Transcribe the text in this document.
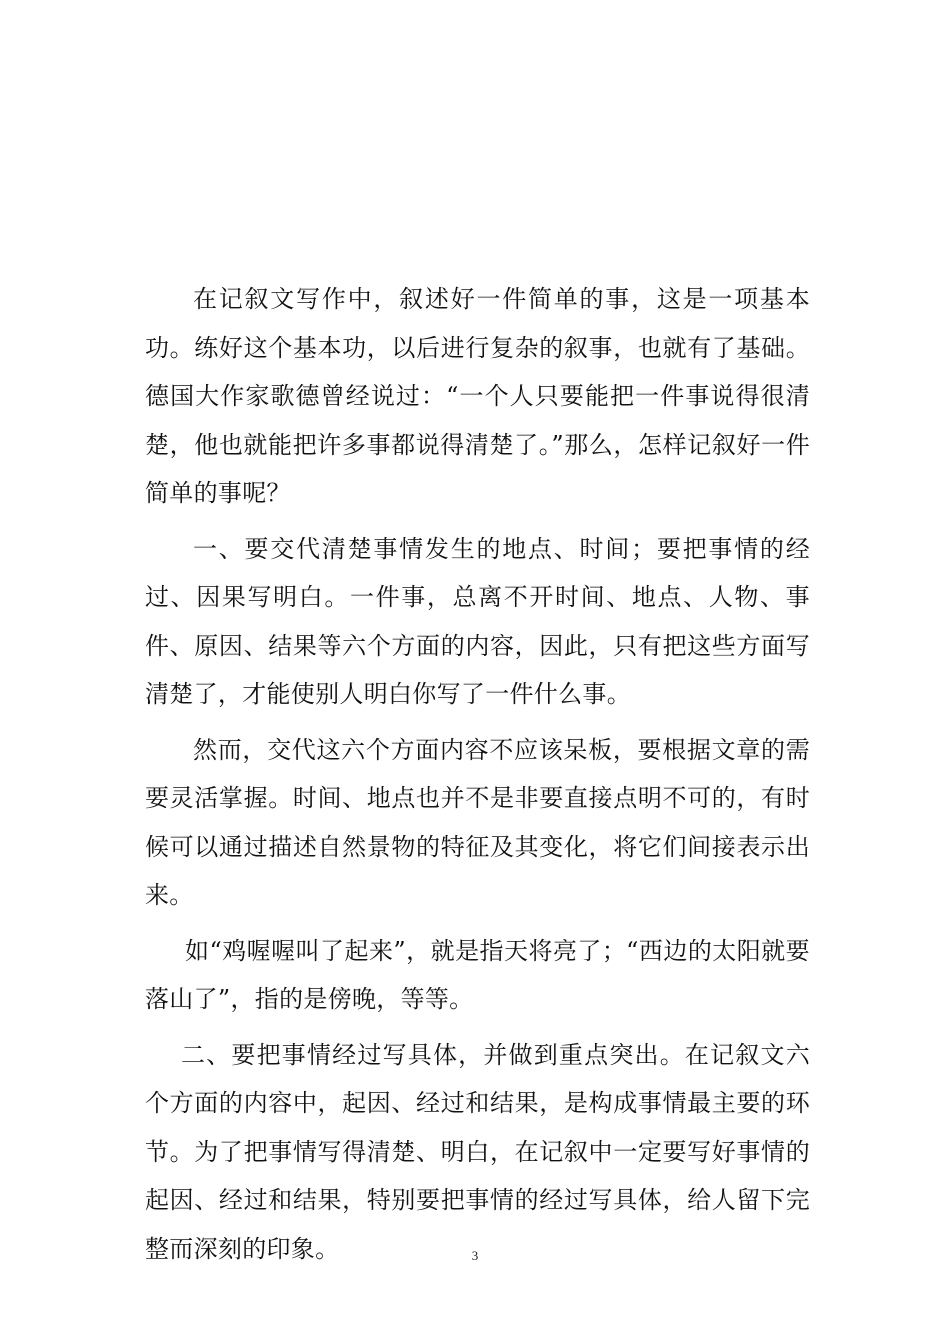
在记叙文写作中，叙述好一件简单的事，这是一项基本功。练好这个基本功，以后进行复杂的叙事，也就有了基础。德国大作家歌德曾经说过：“一个人只要能把一件事说得很清楚，他也就能把许多事都说得清楚了。”那么，怎样记叙好一件简单的事呢？

一、要交代清楚事情发生的地点、时间；要把事情的经过、因果写明白。一件事，总离不开时间、地点、人物、事件、原因、结果等六个方面的内容，因此，只有把这些方面写清楚了，才能使别人明白你写了一件什么事。

然而，交代这六个方面内容不应该呆板，要根据文章的需要灵活掌握。时间、地点也并不是非要直接点明不可的，有时候可以通过描述自然景物的特征及其变化，将它们间接表示出来。

如“鸡喔喔叫了起来”，就是指天将亮了；“西边的太阳就要落山了”，指的是傍晚，等等。

二、要把事情经过写具体，并做到重点突出。在记叙文六个方面的内容中，起因、经过和结果，是构成事情最主要的环节。为了把事情写得清楚、明白，在记叙中一定要写好事情的起因、经过和结果，特别要把事情的经过写具体，给人留下完整而深刻的印象。	3
